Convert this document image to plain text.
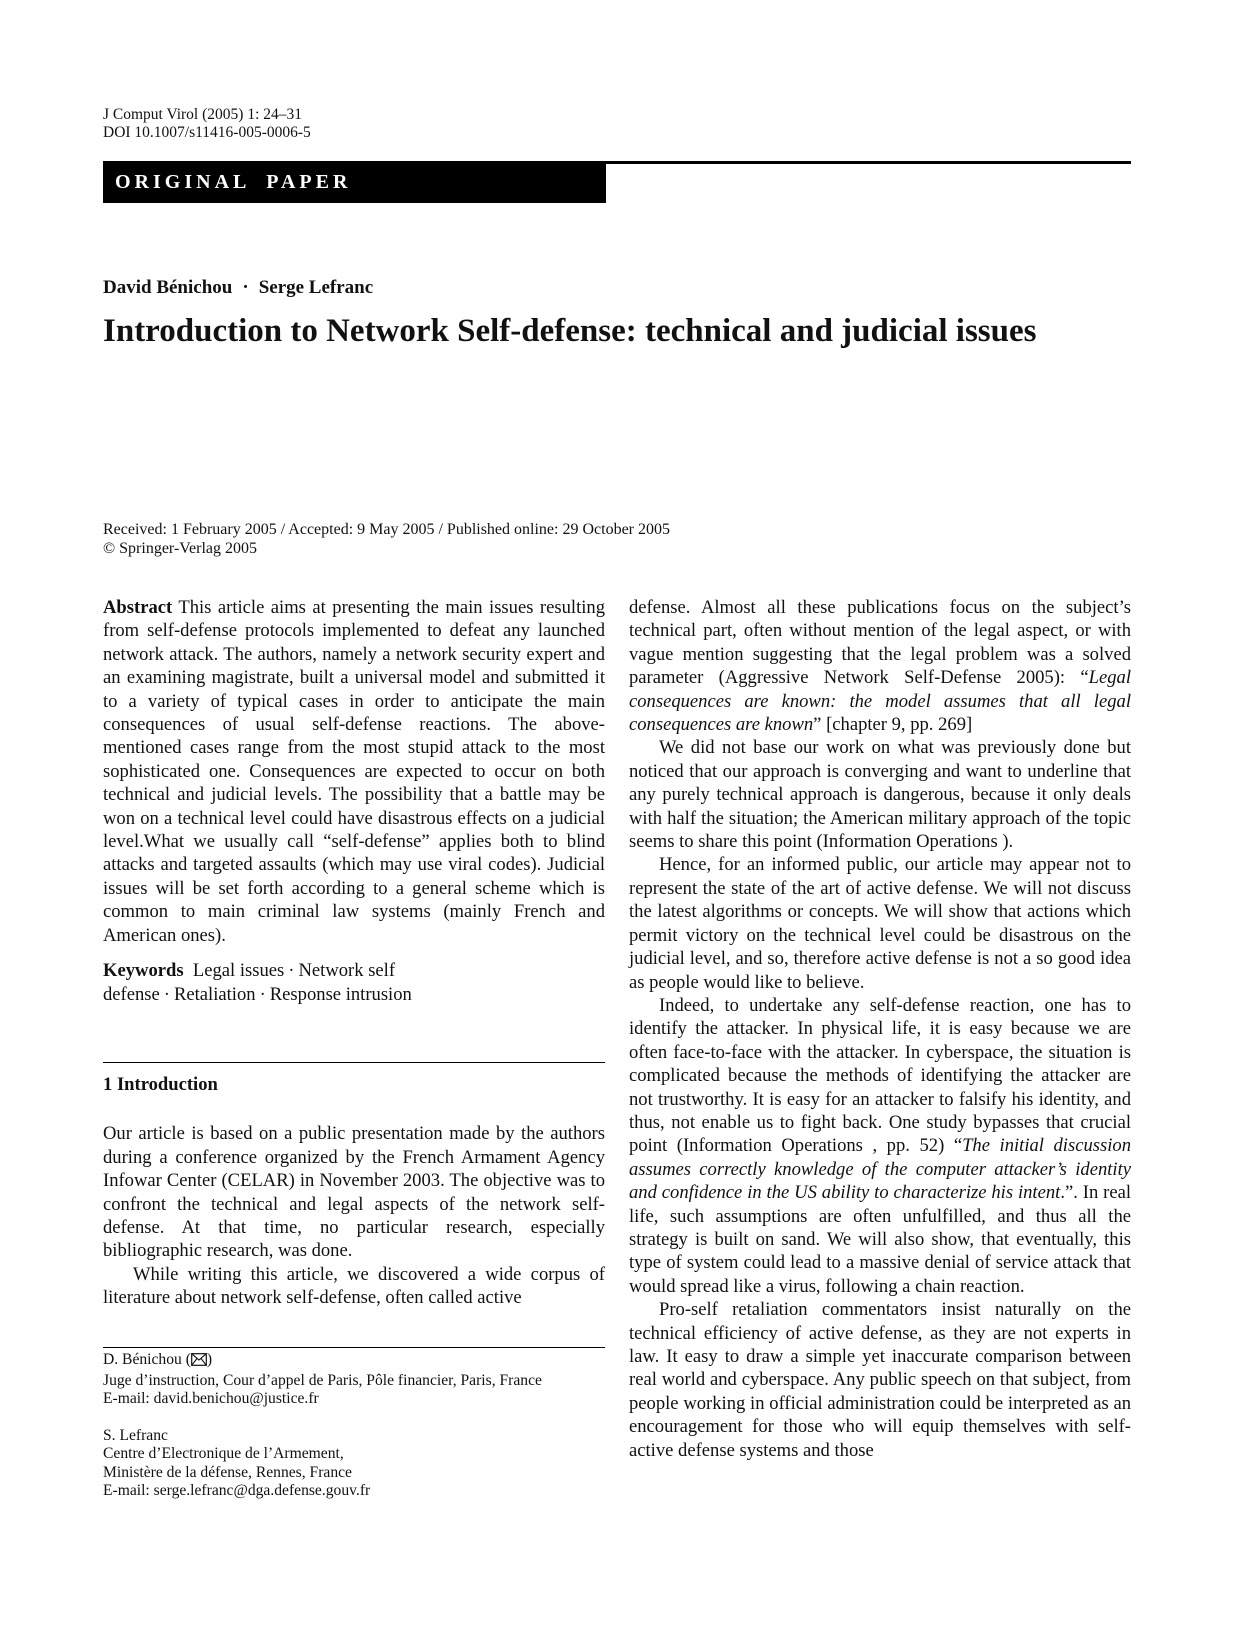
J Comput Virol (2005) 1: 24–31
DOI 10.1007/s11416-005-0006-5
ORIGINAL PAPER
David Bénichou · Serge Lefranc
Introduction to Network Self-defense: technical and judicial issues
Received: 1 February 2005 / Accepted: 9 May 2005 / Published online: 29 October 2005
© Springer-Verlag 2005

Abstract This article aims at presenting the main issues resulting from self-defense protocols implemented to defeat any launched network attack. The authors, namely a network security expert and an examining magistrate, built a universal model and submitted it to a variety of typical cases in order to anticipate the main consequences of usual self-defense reactions. The above-mentioned cases range from the most stupid attack to the most sophisticated one. Consequences are expected to occur on both technical and judicial levels. The possibility that a battle may be won on a technical level could have disastrous effects on a judicial level.What we usually call “self-defense” applies both to blind attacks and targeted assaults (which may use viral codes). Judicial issues will be set forth according to a general scheme which is common to main criminal law systems (mainly French and American ones).

Keywords Legal issues · Network self defense · Retaliation · Response intrusion

1 Introduction

Our article is based on a public presentation made by the authors during a conference organized by the French Armament Agency Infowar Center (CELAR) in November 2003. The objective was to confront the technical and legal aspects of the network self-defense. At that time, no particular research, especially bibliographic research, was done.

While writing this article, we discovered a wide corpus of literature about network self-defense, often called active

defense. Almost all these publications focus on the subject’s technical part, often without mention of the legal aspect, or with vague mention suggesting that the legal problem was a solved parameter (Aggressive Network Self-Defense 2005): “Legal consequences are known: the model assumes that all legal consequences are known” [chapter 9, pp. 269]

We did not base our work on what was previously done but noticed that our approach is converging and want to underline that any purely technical approach is dangerous, because it only deals with half the situation; the American military approach of the topic seems to share this point (Information Operations ).

Hence, for an informed public, our article may appear not to represent the state of the art of active defense. We will not discuss the latest algorithms or concepts. We will show that actions which permit victory on the technical level could be disastrous on the judicial level, and so, therefore active defense is not a so good idea as people would like to believe.

Indeed, to undertake any self-defense reaction, one has to identify the attacker. In physical life, it is easy because we are often face-to-face with the attacker. In cyberspace, the situation is complicated because the methods of identifying the attacker are not trustworthy. It is easy for an attacker to falsify his identity, and thus, not enable us to fight back. One study bypasses that crucial point (Information Operations , pp. 52) “The initial discussion assumes correctly knowledge of the computer attacker’s identity and confidence in the US ability to characterize his intent.”. In real life, such assumptions are often unfulfilled, and thus all the strategy is built on sand. We will also show, that eventually, this type of system could lead to a massive denial of service attack that would spread like a virus, following a chain reaction.

Pro-self retaliation commentators insist naturally on the technical efficiency of active defense, as they are not experts in law. It easy to draw a simple yet inaccurate comparison between real world and cyberspace. Any public speech on that subject, from people working in official administration could be interpreted as an encouragement for those who will equip themselves with self-active defense systems and those

D. Bénichou ( )
Juge d’instruction, Cour d’appel de Paris, Pôle financier, Paris, France
E-mail: david.benichou@justice.fr
S. Lefranc
Centre d’Electronique de l’Armement,
Ministère de la défense, Rennes, France
E-mail: serge.lefranc@dga.defense.gouv.fr
